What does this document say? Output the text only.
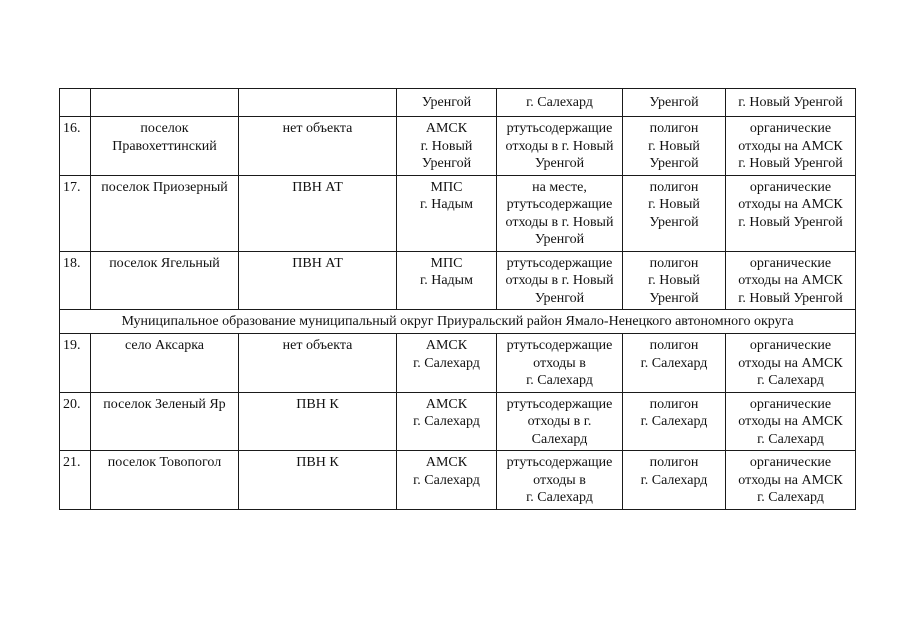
			Уренгой	г. Салехард	Уренгой	г. Новый Уренгой
16.	поселок
Правохеттинский	нет объекта	АМСК
г. Новый
Уренгой	ртутьсодержащие
отходы в г. Новый
Уренгой	полигон
г. Новый
Уренгой	органические
отходы на АМСК
г. Новый Уренгой
17.	поселок Приозерный	ПВН АТ	МПС
г. Надым	на месте,
ртутьсодержащие
отходы в г. Новый
Уренгой	полигон
г. Новый
Уренгой	органические
отходы на АМСК
г. Новый Уренгой
18.	поселок Ягельный	ПВН АТ	МПС
г. Надым	ртутьсодержащие
отходы в г. Новый
Уренгой	полигон
г. Новый
Уренгой	органические
отходы на АМСК
г. Новый Уренгой
Муниципальное образование муниципальный округ Приуральский район Ямало-Ненецкого автономного округа						
19.	село Аксарка	нет объекта	АМСК
г. Салехард	ртутьсодержащие
отходы в
г. Салехард	полигон
г. Салехард	органические
отходы на АМСК
г. Салехард
20.	поселок Зеленый Яр	ПВН К	АМСК
г. Салехард	ртутьсодержащие
отходы в г.
Салехард	полигон
г. Салехард	органические
отходы на АМСК
г. Салехард
21.	поселок Товопогол	ПВН К	АМСК
г. Салехард	ртутьсодержащие
отходы в
г. Салехард	полигон
г. Салехард	органические
отходы на АМСК
г. Салехард
